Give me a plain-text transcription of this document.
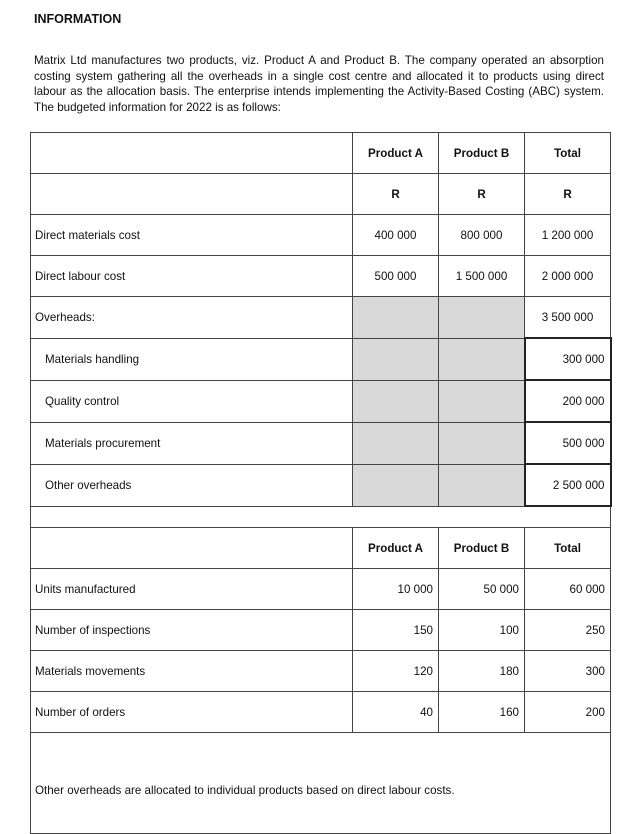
INFORMATION
Matrix Ltd manufactures two products, viz. Product A and Product B. The company operated an absorption costing system gathering all the overheads in a single cost centre and allocated it to products using direct labour as the allocation basis. The enterprise intends implementing the Activity-Based Costing (ABC) system. The budgeted information for 2022 is as follows:
	Product A	Product B	Total
	R	R	R
Direct materials cost	400 000	800 000	1 200 000
Direct labour cost	500 000	1 500 000	2 000 000
Overheads:			3 500 000
Materials handling			300 000
Quality control			200 000
Materials procurement			500 000
Other overheads			2 500 000

	Product A	Product B	Total
Units manufactured	10 000	50 000	60 000
Number of inspections	150	100	250
Materials movements	120	180	300
Number of orders	40	160	200
Other overheads are allocated to individual products based on direct labour costs.			
